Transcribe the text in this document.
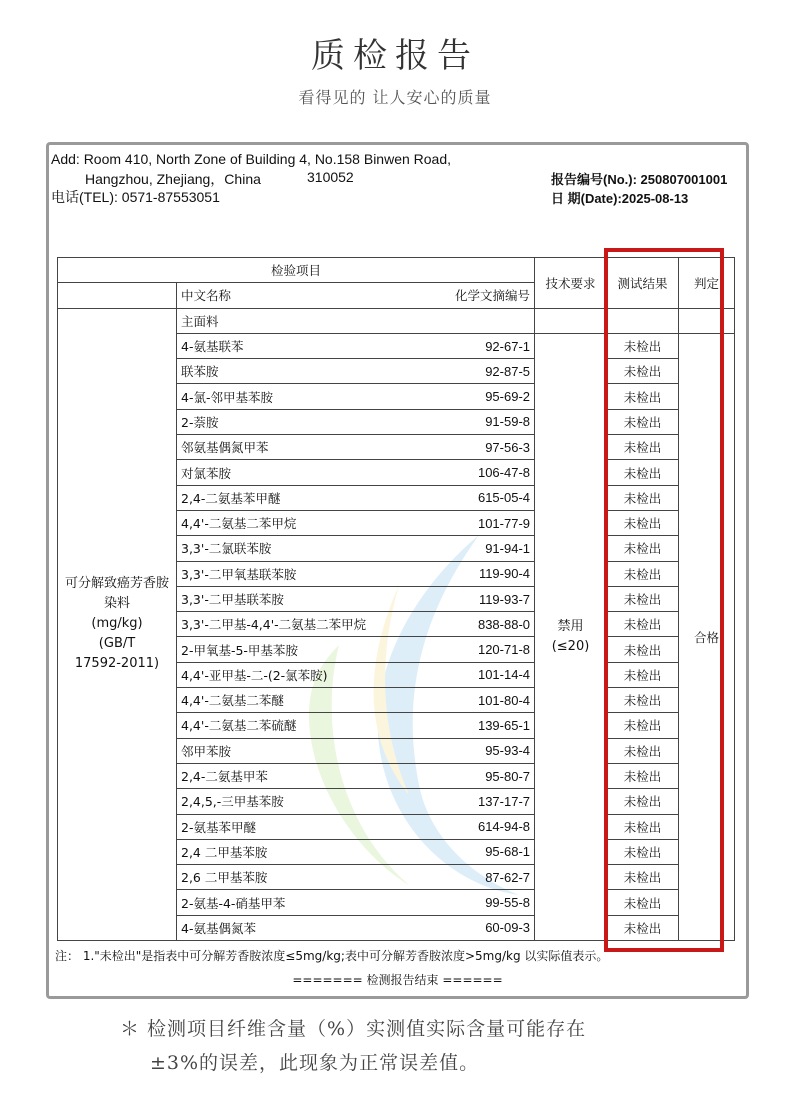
质检报告
看得见的 让人安心的质量
Add: Room 410, North Zone of Building 4, No.158 Binwen Road,
Hangzhou, Zhejiang，China	310052
电话(TEL): 0571-87553051
报告编号(No.): 250807001001
日 期(Date):2025-08-13
检验项目		技术要求	测试结果	判定

	中文名称 化学文摘编号			

可分解致癌芳香胺染料
(mg/kg)
(GB/T
17592-2011)	主面料			

	4-氨基联苯 92-67-1	禁用(≤20)	未检出	合格

	联苯胺 92-87-5		未检出	

	4-氯-邻甲基苯胺 95-69-2		未检出	

	2-萘胺 91-59-8		未检出	

	邻氨基偶氮甲苯 97-56-3		未检出	

	对氯苯胺 106-47-8		未检出	

	2,4-二氨基苯甲醚 615-05-4		未检出	

	4,4'-二氨基二苯甲烷 101-77-9		未检出	

	3,3'-二氯联苯胺 91-94-1		未检出	

	3,3'-二甲氧基联苯胺 119-90-4		未检出	

	3,3'-二甲基联苯胺 119-93-7		未检出	

	3,3'-二甲基-4,4'-二氨基二苯甲烷 838-88-0		未检出	

	2-甲氧基-5-甲基苯胺 120-71-8		未检出	

	4,4'-亚甲基-二-(2-氯苯胺) 101-14-4		未检出	

	4,4'-二氨基二苯醚 101-80-4		未检出	

	4,4'-二氨基二苯硫醚 139-65-1		未检出	

	邻甲苯胺 95-93-4		未检出	

	2,4-二氨基甲苯 95-80-7		未检出	

	2,4,5,-三甲基苯胺 137-17-7		未检出	

	2-氨基苯甲醚 614-94-8		未检出	

	2,4 二甲基苯胺 95-68-1		未检出	

	2,6 二甲基苯胺 87-62-7		未检出	

	2-氨基-4-硝基甲苯 99-55-8		未检出	

	4-氨基偶氮苯 60-09-3		未检出	
注： 1."未检出"是指表中可分解芳香胺浓度≤5mg/kg;表中可分解芳香胺浓度>5mg/kg 以实际值表示。
======= 检测报告结束 ======
＊ 检测项目纤维含量（%）实测值实际含量可能存在
±3%的误差，此现象为正常误差值。
